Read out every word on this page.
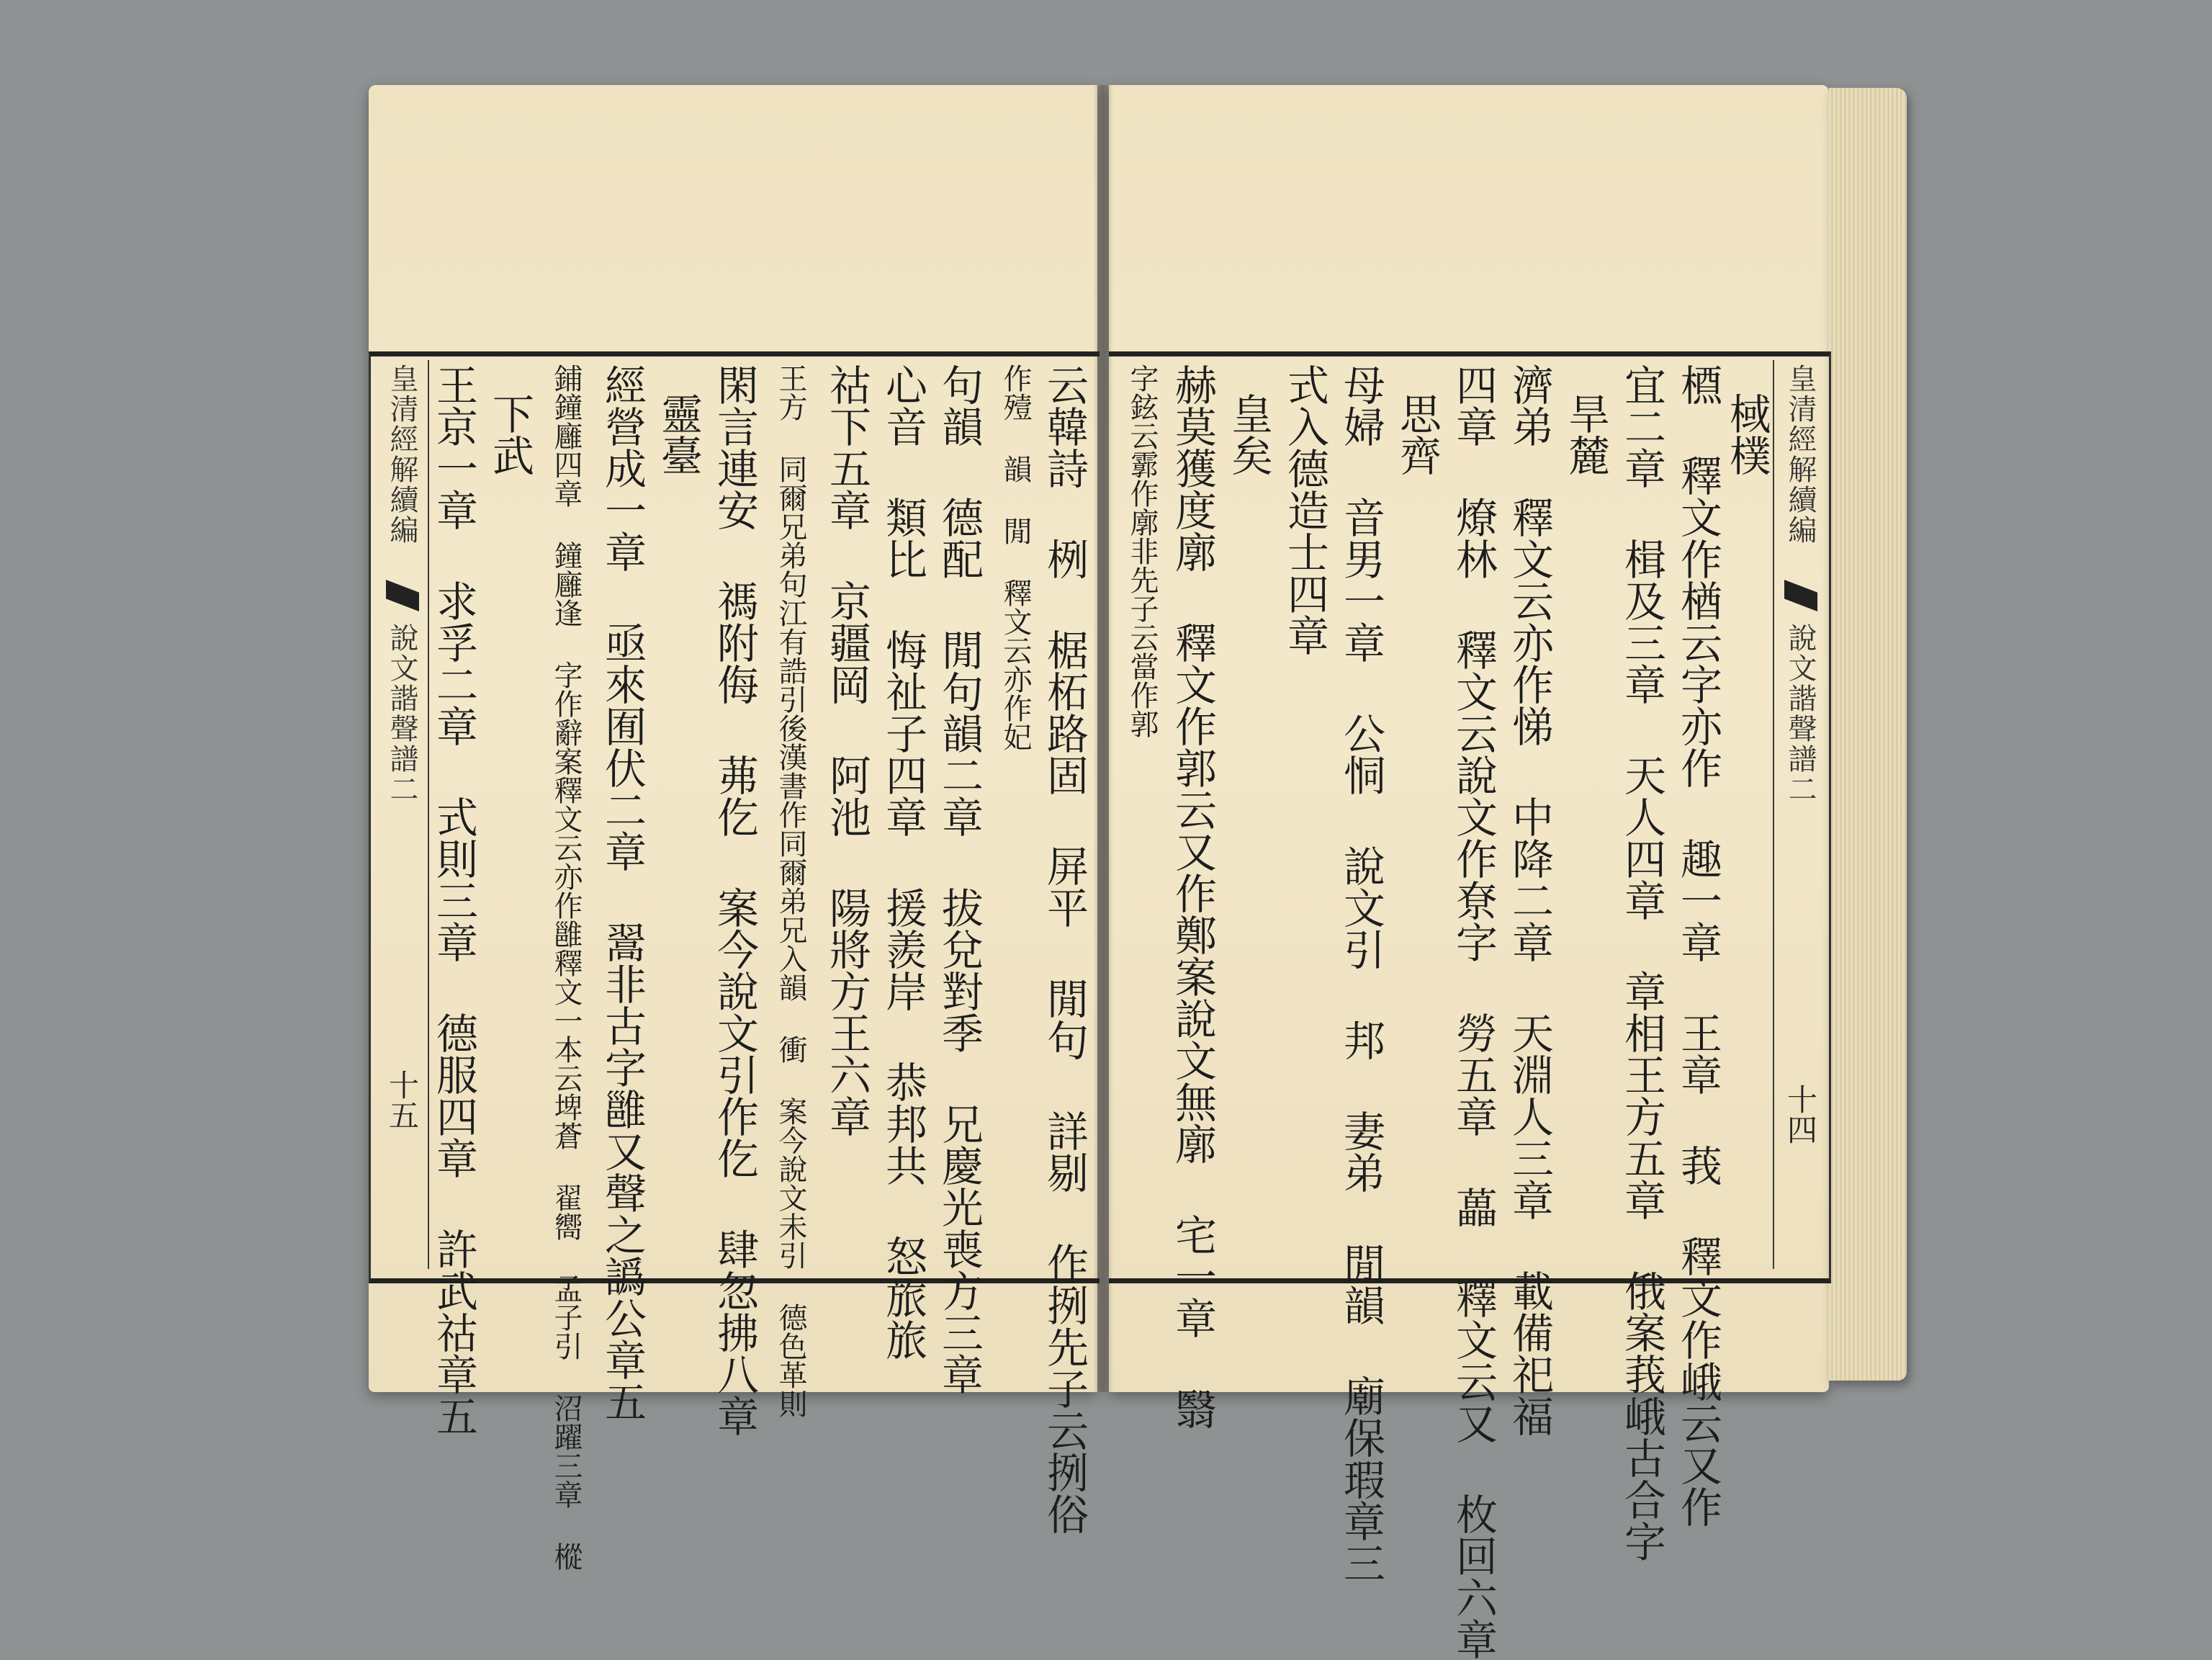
皇清經解續編
說文諧聲譜二
十五 王京一章 求孚二章 式則三章 德服四章 許武祜章五 下武 鋪鐘廱四章 鐘廱逢 字作辭案釋文云亦作雝釋文一本云埤蒼 翟嚮 孟子引 沼躍三章 樅 經營成一章 亟來囿伏二章 翯非古字雝又聲之譌公章五 靈臺 閑言連安 禡附侮 茀仡 案今說文引作仡 肆忽拂八章 王方 同爾兄弟句江有誥引後漢書作同爾弟兄入韻 衝 案今說文未引 德色革則 祜下五章 京疆岡 阿池 陽將方王六章 心音 類比 悔祉子四章 援羨岸 恭邦共 怒旅旅 句韻 德配 閒句韻二章 拔兌對季 兄慶光喪方三章 作殪 韻 閒 釋文云亦作妃 云韓詩 栵 椐柘路固 屏平 閒句 詳剔 作挒先子云挒俗 字鉉云霩作廓非先子云當作郭 赫莫獲度廓 釋文作郭云又作鄭案說文無廓 宅一章 翳 皇矣 式入德造士四章 母婦 音男一章 公恫 說文引 邦 妻弟 閒韻 廟保瑕章三 思齊 四章 燎林 釋文云說文作尞字 勞五章 藟 釋文云又 枚回六章 濟弟 釋文云亦作悌 中降二章 天淵人三章 載備祀福 旱麓 宜二章 楫及三章 天人四章 章相王方五章 俄案莪峨古合字 槱 釋文作楢云字亦作 趣一章 王章 莪 釋文作峨云又作 棫樸 皇清經解續編
說文諧聲譜二
十四
